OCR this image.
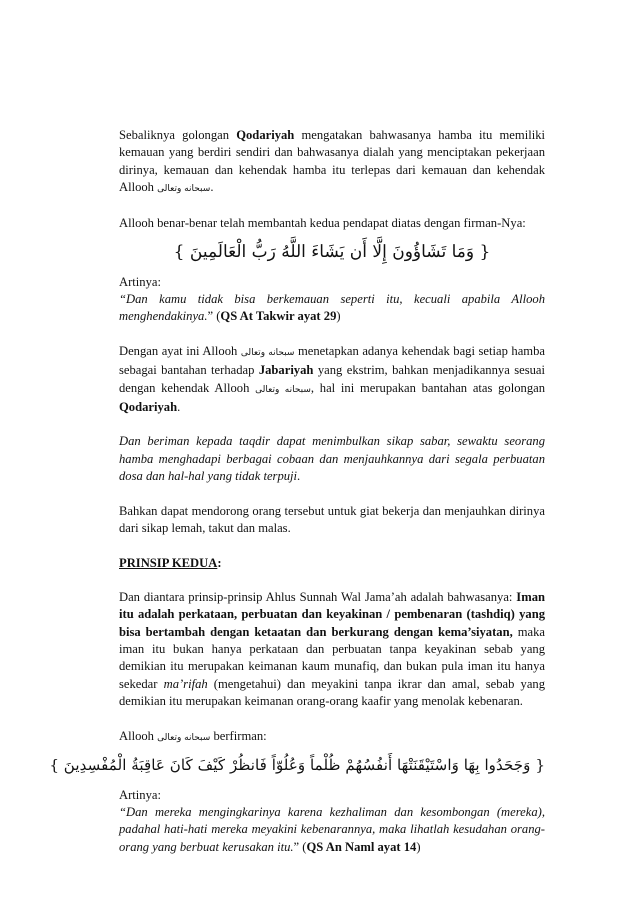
Sebaliknya golongan Qodariyah mengatakan bahwasanya hamba itu memiliki kemauan yang berdiri sendiri dan bahwasanya dialah yang menciptakan pekerjaan dirinya, kemauan dan kehendak hamba itu terlepas dari kemauan dan kehendak Allooh سبحانه وتعالى.

Allooh benar-benar telah membantah kedua pendapat diatas dengan firman-Nya:

{ وَمَا تَشَاؤُونَ إِلَّا أَن يَشَاءَ اللَّهُ رَبُّ الْعَالَمِينَ }

Artinya:

“Dan kamu tidak bisa berkemauan seperti itu, kecuali apabila Allooh menghendakinya.” (QS At Takwir ayat 29)

Dengan ayat ini Allooh سبحانه وتعالى menetapkan adanya kehendak bagi setiap hamba sebagai bantahan terhadap Jabariyah yang ekstrim, bahkan menjadikannya sesuai dengan kehendak Allooh سبحانه وتعالى, hal ini merupakan bantahan atas golongan Qodariyah.

Dan beriman kepada taqdir dapat menimbulkan sikap sabar, sewaktu seorang hamba menghadapi berbagai cobaan dan menjauhkannya dari segala perbuatan dosa dan hal-hal yang tidak terpuji.

Bahkan dapat mendorong orang tersebut untuk giat bekerja dan menjauhkan dirinya dari sikap lemah, takut dan malas.

PRINSIP KEDUA:

Dan diantara prinsip-prinsip Ahlus Sunnah Wal Jama’ah adalah bahwasanya: Iman itu adalah perkataan, perbuatan dan keyakinan / pembenaran (tashdiq) yang bisa bertambah dengan ketaatan dan berkurang dengan kema’siyatan, maka iman itu bukan hanya perkataan dan perbuatan tanpa keyakinan sebab yang demikian itu merupakan keimanan kaum munafiq, dan bukan pula iman itu hanya sekedar ma’rifah (mengetahui) dan meyakini tanpa ikrar dan amal, sebab yang demikian itu merupakan keimanan orang-orang kaafir yang menolak kebenaran.

Allooh سبحانه وتعالى berfirman:

{ وَجَحَدُوا بِهَا وَاسْتَيْقَنَتْهَا أَنفُسُهُمْ ظُلْماً وَعُلُوّاً فَانظُرْ كَيْفَ كَانَ عَاقِبَةُ الْمُفْسِدِينَ }

Artinya:

“Dan mereka mengingkarinya karena kezhaliman dan kesombongan (mereka), padahal hati-hati mereka meyakini kebenarannya, maka lihatlah kesudahan orang-orang yang berbuat kerusakan itu.” (QS An Naml ayat 14)
